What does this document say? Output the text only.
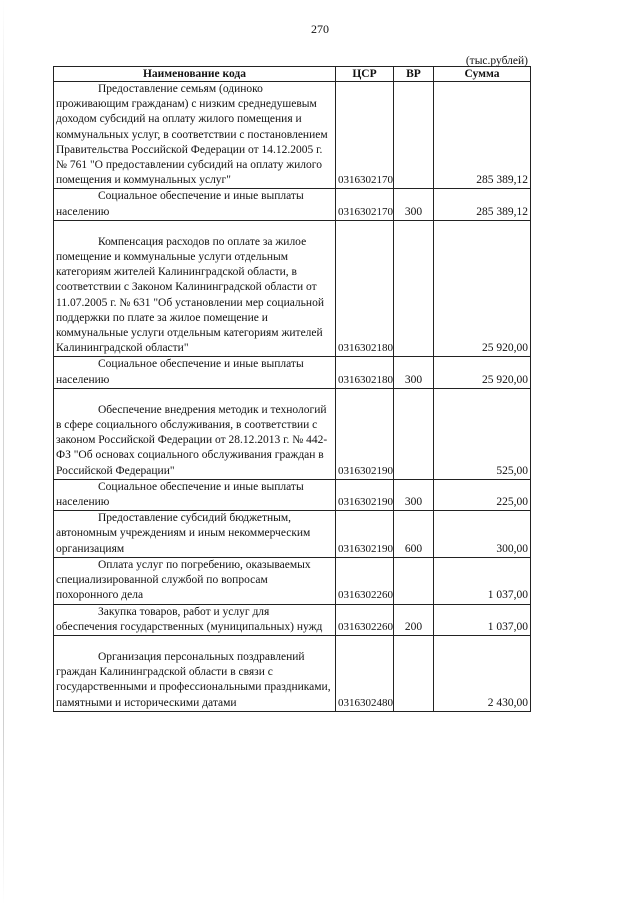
270
(тыс.рублей)
Наименование кода	ЦСР	ВР	Сумма

Предоставление семьям (одиноко проживающим гражданам) с низким среднедушевым доходом субсидий на оплату жилого помещения и коммунальных услуг, в соответствии с постановлением Правительства Российской Федерации от 14.12.2005 г. № 761 "О предоставлении субсидий на оплату жилого помещения и коммунальных услуг"	0316302170		285 389,12

Социальное обеспечение и иные выплаты населению	0316302170	300	285 389,12

Компенсация расходов по оплате за жилое помещение и коммунальные услуги отдельным категориям жителей Калининградской области, в соответствии с Законом Калининградской области от 11.07.2005 г. № 631 "Об установлении мер социальной поддержки по плате за жилое помещение и коммунальные услуги отдельным категориям жителей Калининградской области"	0316302180		25 920,00

Социальное обеспечение и иные выплаты населению	0316302180	300	25 920,00

Обеспечение внедрения методик и технологий в сфере социального обслуживания, в соответствии с законом Российской Федерации от 28.12.2013 г. № 442-ФЗ "Об основах социального обслуживания граждан в Российской Федерации"	0316302190		525,00

Социальное обеспечение и иные выплаты населению	0316302190	300	225,00

Предоставление субсидий бюджетным, автономным учреждениям и иным некоммерческим организациям	0316302190	600	300,00

Оплата услуг по погребению, оказываемых специализированной службой по вопросам похоронного дела	0316302260		1 037,00

Закупка товаров, работ и услуг для обеспечения государственных (муниципальных) нужд	0316302260	200	1 037,00

Организация персональных поздравлений граждан Калининградской области в связи с государственными и профессиональными праздниками, памятными и историческими датами	0316302480		2 430,00
